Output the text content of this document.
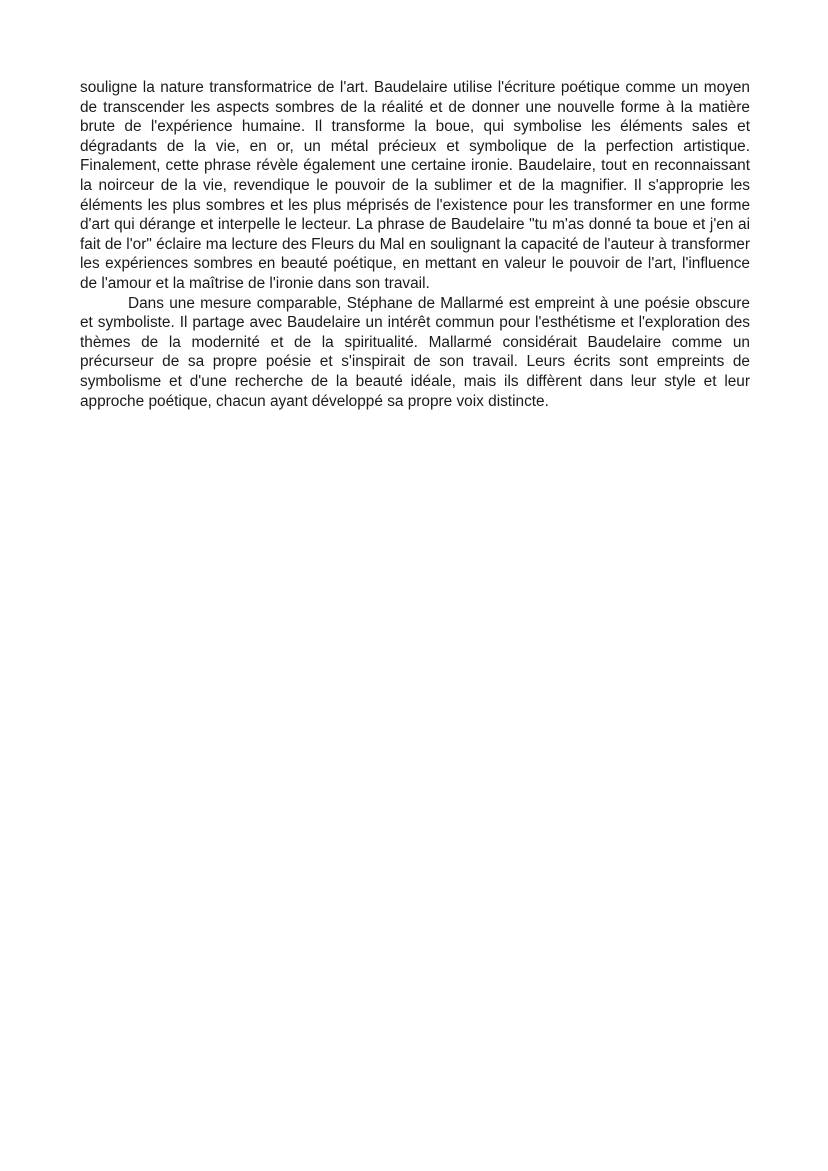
souligne la nature transformatrice de l'art. Baudelaire utilise l'écriture poétique comme un moyen de transcender les aspects sombres de la réalité et de donner une nouvelle forme à la matière brute de l'expérience humaine. Il transforme la boue, qui symbolise les éléments sales et dégradants de la vie, en or, un métal précieux et symbolique de la perfection artistique. Finalement, cette phrase révèle également une certaine ironie. Baudelaire, tout en reconnaissant la noirceur de la vie, revendique le pouvoir de la sublimer et de la magnifier. Il s'approprie les éléments les plus sombres et les plus méprisés de l'existence pour les transformer en une forme d'art qui dérange et interpelle le lecteur. La phrase de Baudelaire "tu m'as donné ta boue et j'en ai fait de l'or" éclaire ma lecture des Fleurs du Mal en soulignant la capacité de l'auteur à transformer les expériences sombres en beauté poétique, en mettant en valeur le pouvoir de l'art, l'influence de l'amour et la maîtrise de l'ironie dans son travail.

Dans une mesure comparable, Stéphane de Mallarmé est empreint à une poésie obscure et symboliste. Il partage avec Baudelaire un intérêt commun pour l'esthétisme et l'exploration des thèmes de la modernité et de la spiritualité. Mallarmé considérait Baudelaire comme un précurseur de sa propre poésie et s'inspirait de son travail. Leurs écrits sont empreints de symbolisme et d'une recherche de la beauté idéale, mais ils diffèrent dans leur style et leur approche poétique, chacun ayant développé sa propre voix distincte.
